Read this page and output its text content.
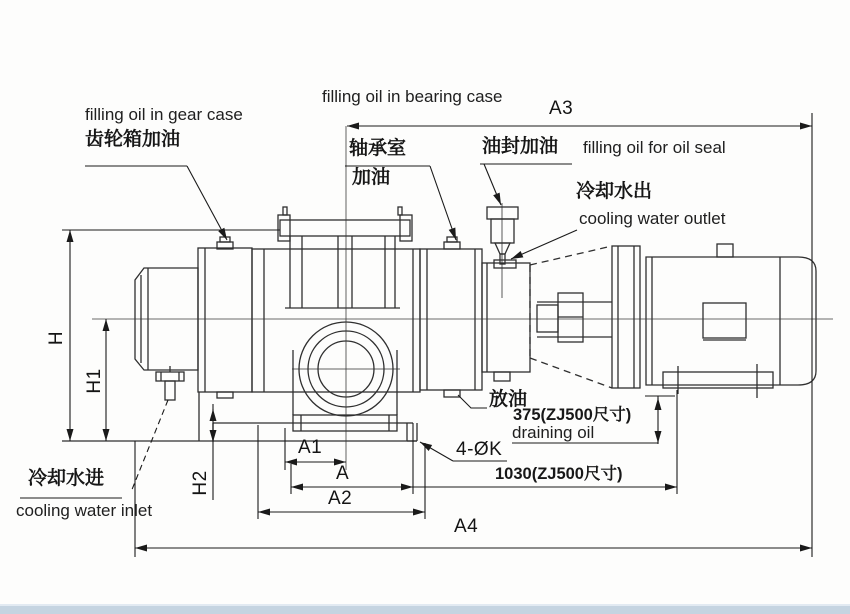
filling oil in gear case
齿轮箱加油
filling oil in bearing case
轴承室
加油
A3
油封加油 filling oil for oil seal
冷却水出
cooling water outlet
H
H1
H2
冷却水进
cooling water inlet
放油
375(ZJ500尺寸)
draining oil
4-ØK
1030(ZJ500尺寸)
A1
A
A2
A4
